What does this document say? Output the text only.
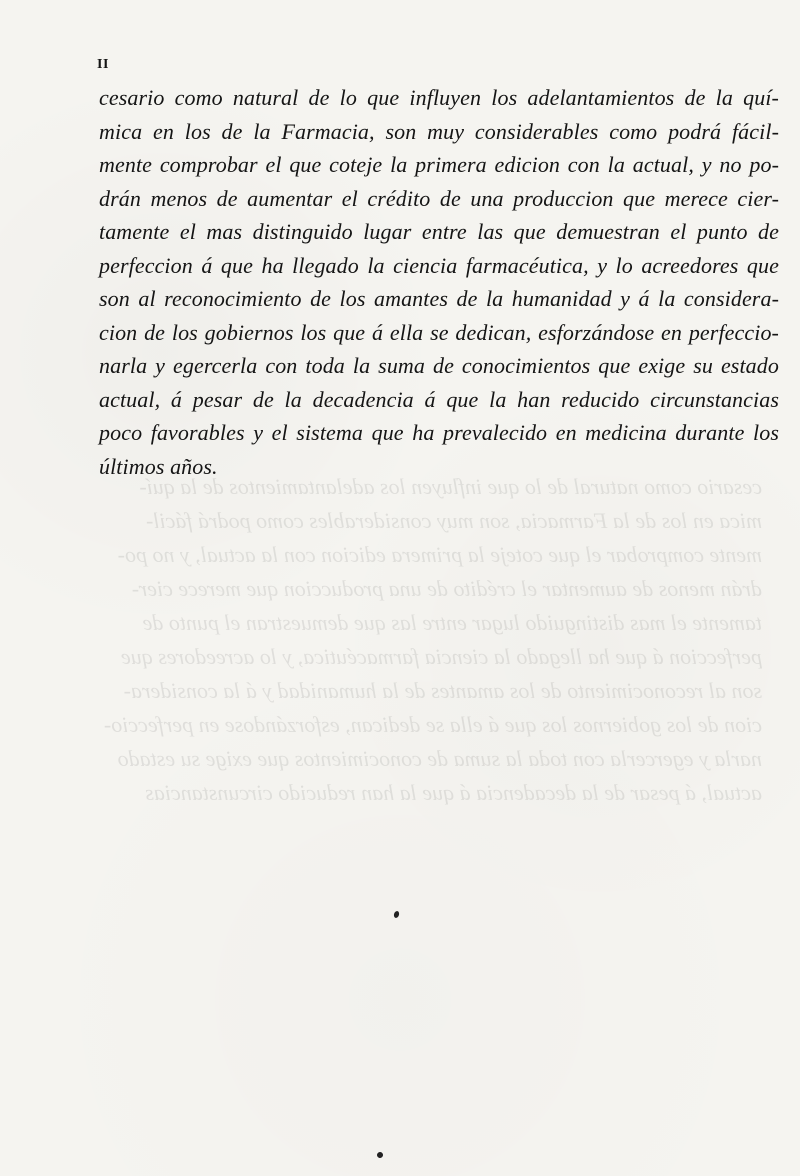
II
cesario como natural de lo que influyen los adelantamientos de la quí-
mica en los de la Farmacia, son muy considerables como podrá fácil-
mente comprobar el que coteje la primera edicion con la actual, y no po-
drán menos de aumentar el crédito de una produccion que merece cier-
tamente el mas distinguido lugar entre las que demuestran el punto de
perfeccion á que ha llegado la ciencia farmacéutica, y lo acreedores que
son al reconocimiento de los amantes de la humanidad y á la considera-
cion de los gobiernos los que á ella se dedican, esforzándose en perfeccio-
narla y egercerla con toda la suma de conocimientos que exige su estado
actual, á pesar de la decadencia á que la han reducido circunstancias
poco favorables y el sistema que ha prevalecido en medicina durante los
últimos años.
cesario como natural de lo que influyen los adelantamientos de la quí-
mica en los de la Farmacia, son muy considerables como podrá fácil-
mente comprobar el que coteje la primera edicion con la actual, y no po-
drán menos de aumentar el crédito de una produccion que merece cier-
tamente el mas distinguido lugar entre las que demuestran el punto de
perfeccion á que ha llegado la ciencia farmacéutica, y lo acreedores que
son al reconocimiento de los amantes de la humanidad y á la considera-
cion de los gobiernos los que á ella se dedican, esforzándose en perfeccio-
narla y egercerla con toda la suma de conocimientos que exige su estado
actual, á pesar de la decadencia á que la han reducido circunstancias
